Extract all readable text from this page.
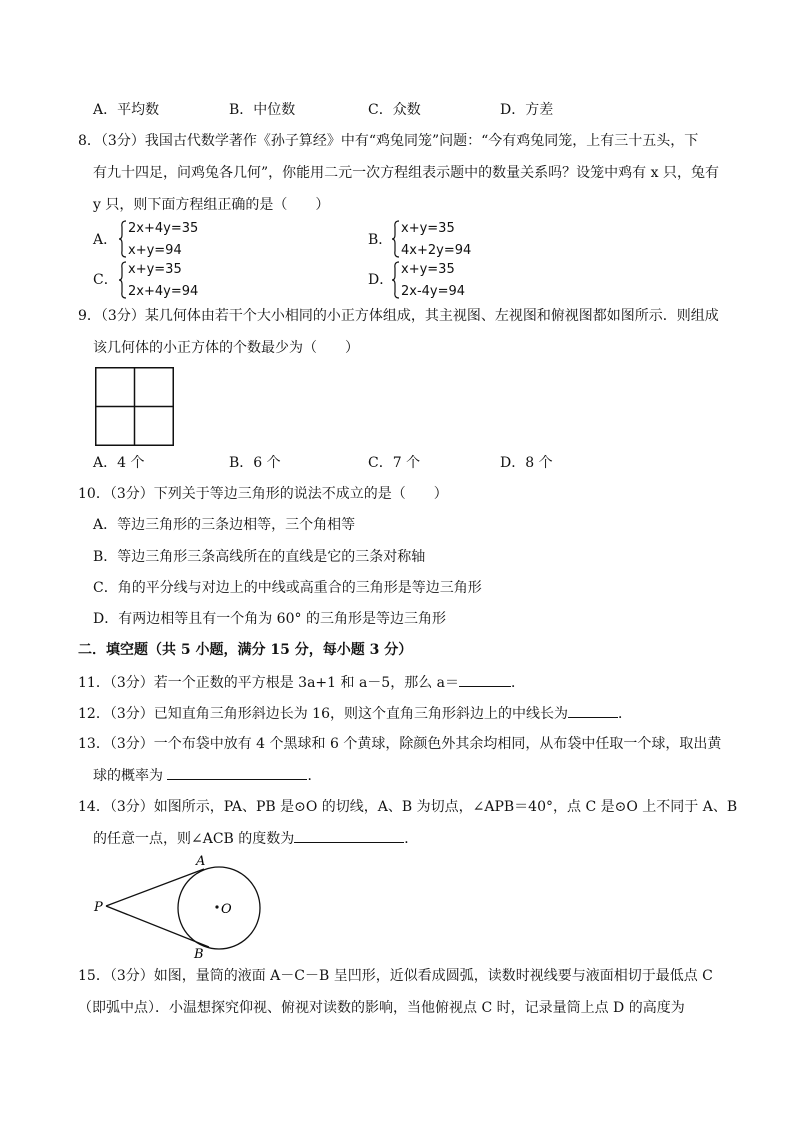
A．平均数	B．中位数	C．众数	D．方差
8．（3分）我国古代数学著作《孙子算经》中有“鸡兔同笼”问题：“今有鸡兔同笼，上有三十五头，下
有九十四足，问鸡兔各几何”，你能用二元一次方程组表示题中的数量关系吗？设笼中鸡有 x 只，兔有
y 只，则下面方程组正确的是（　　）
A．
2x+4y=35
x+y=94
B．
x+y=35
4x+2y=94
C．
x+y=35
2x+4y=94
D．
x+y=35
2x-4y=94
9．（3分）某几何体由若干个大小相同的小正方体组成，其主视图、左视图和俯视图都如图所示．则组成
该几何体的小正方体的个数最少为（　　）
A．4 个	B．6 个	C．7 个	D．8 个
10．（3分）下列关于等边三角形的说法不成立的是（　　）
A．等边三角形的三条边相等，三个角相等
B．等边三角形三条高线所在的直线是它的三条对称轴
C．角的平分线与对边上的中线或高重合的三角形是等边三角形
D．有两边相等且有一个角为 60° 的三角形是等边三角形
二．填空题（共 5 小题，满分 15 分，每小题 3 分）
11．（3分）若一个正数的平方根是 3a+1 和 a－5，那么 a＝	．
12．（3分）已知直角三角形斜边长为 16，则这个直角三角形斜边上的中线长为	．
13．（3分）一个布袋中放有 4 个黑球和 6 个黄球，除颜色外其余均相同，从布袋中任取一个球，取出黄
球的概率为	．
14．（3分）如图所示，PA、PB 是⊙O 的切线，A、B 为切点，∠APB＝40°，点 C 是⊙O 上不同于 A、B
的任意一点，则∠ACB 的度数为	．
P
A
B
O
15．（3分）如图，量筒的液面 A－C－B 呈凹形，近似看成圆弧，读数时视线要与液面相切于最低点 C
（即弧中点）．小温想探究仰视、俯视对读数的影响，当他俯视点 C 时，记录量筒上点 D 的高度为
